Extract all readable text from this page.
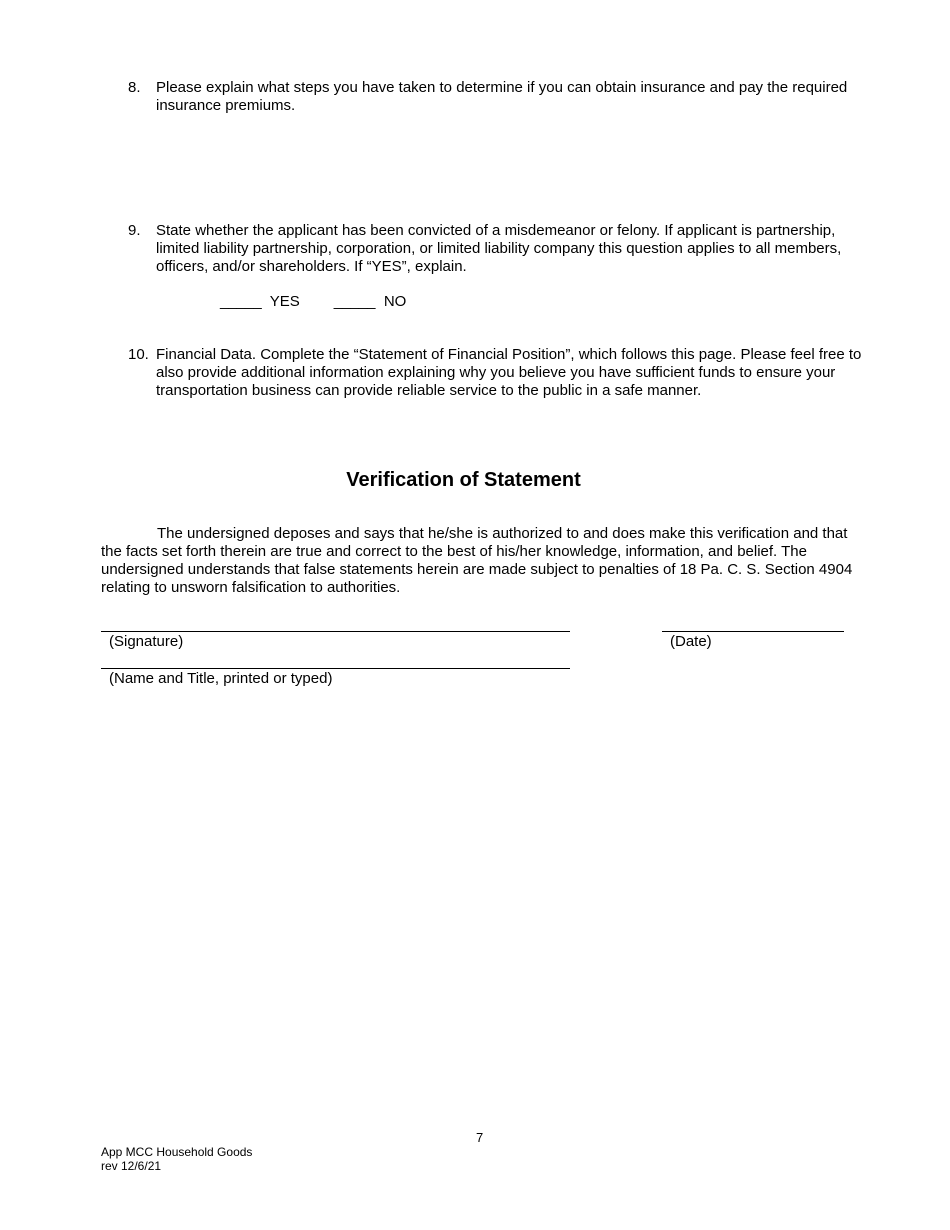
8. Please explain what steps you have taken to determine if you can obtain insurance and pay the required insurance premiums.
9. State whether the applicant has been convicted of a misdemeanor or felony. If applicant is partnership, limited liability partnership, corporation, or limited liability company this question applies to all members, officers, and/or shareholders. If “YES”, explain.
_____  YES _____  NO
10. Financial Data. Complete the “Statement of Financial Position”, which follows this page. Please feel free to also provide additional information explaining why you believe you have sufficient funds to ensure your transportation business can provide reliable service to the public in a safe manner.
Verification of Statement
The undersigned deposes and says that he/she is authorized to and does make this verification and that the facts set forth therein are true and correct to the best of his/her knowledge, information, and belief. The undersigned understands that false statements herein are made subject to penalties of 18 Pa. C. S. Section 4904 relating to unsworn falsification to authorities.
(Signature)	(Date)
(Name and Title, printed or typed)
7
App MCC Household Goods
rev 12/6/21
